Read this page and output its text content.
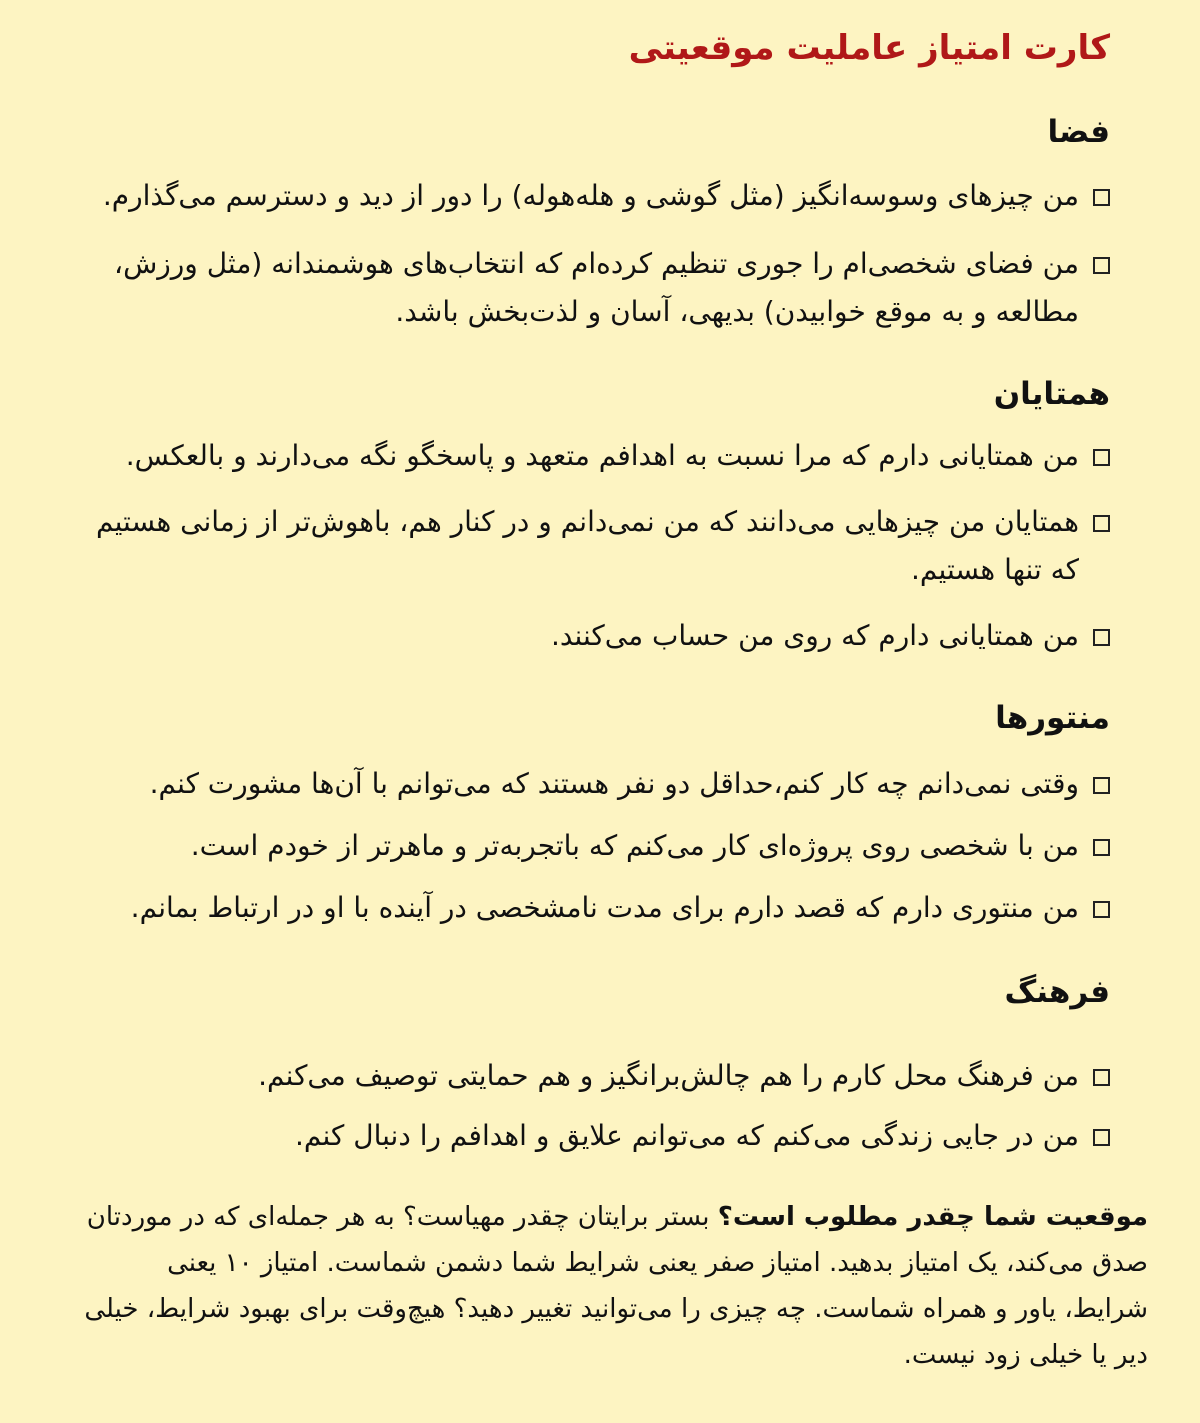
کارت امتیاز عاملیت موقعیتی
فضا
من چیزهای وسوسه‌انگیز (مثل گوشی و هله‌هوله) را دور از دید و دسترسم می‌گذارم.
من فضای شخصی‌ام را جوری تنظیم کرده‌ام که انتخاب‌های هوشمندانه (مثل ورزش، مطالعه و به موقع خوابیدن) بدیهی، آسان و لذت‌بخش باشد.
همتایان
من همتایانی دارم که مرا نسبت به اهدافم متعهد و پاسخگو نگه می‌دارند و بالعکس.
همتایان من چیزهایی می‌دانند که من نمی‌دانم و در کنار هم، باهوش‌تر از زمانی هستیم که تنها هستیم.
من همتایانی دارم که روی من حساب می‌کنند.
منتورها
وقتی نمی‌دانم چه کار کنم،حداقل دو نفر هستند که می‌توانم با آن‌ها مشورت کنم.
من با شخصی روی پروژه‌ای کار می‌کنم که باتجربه‌تر و ماهرتر از خودم است.
من منتوری دارم که قصد دارم برای مدت نامشخصی در آینده با او در ارتباط بمانم.
فرهنگ
من فرهنگ محل کارم را هم چالش‌برانگیز و هم حمایتی توصیف می‌کنم.
من در جایی زندگی می‌کنم که می‌توانم علایق و اهدافم را دنبال کنم.

موقعیت شما چقدر مطلوب است؟ بستر برایتان چقدر مهیاست؟ به هر جمله‌ای که در موردتان صدق می‌کند، یک امتیاز بدهید. امتیاز صفر یعنی شرایط شما دشمن شماست. امتیاز ۱۰ یعنی شرایط، یاور و همراه شماست. چه چیزی را می‌توانید تغییر دهید؟ هیچ‌وقت برای بهبود شرایط، خیلی دیر یا خیلی زود نیست.
